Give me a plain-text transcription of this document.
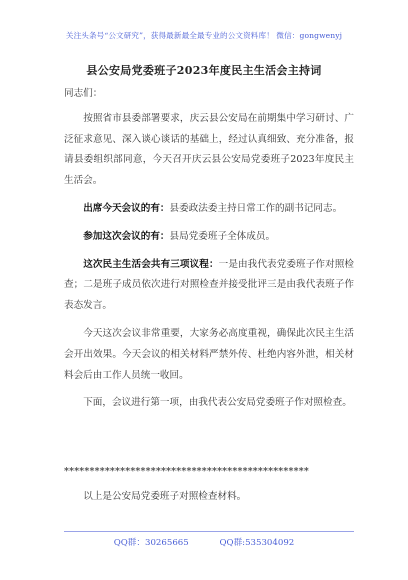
关注头条号“公文研究”，获得最新最全最专业的公文资料库！ 微信：gongwenyj
县公安局党委班子2023年度民主生活会主持词

同志们：

按照省市县委部署要求，庆云县公安局在前期集中学习研讨、广泛征求意见、深入谈心谈话的基础上，经过认真细致、充分准备，报请县委组织部同意，今天召开庆云县公安局党委班子2023年度民主生活会。

出席今天会议的有：县委政法委主持日常工作的副书记同志。

参加这次会议的有：县局党委班子全体成员。

这次民主生活会共有三项议程：一是由我代表党委班子作对照检查；二是班子成员依次进行对照检查并接受批评三是由我代表班子作表态发言。

今天这次会议非常重要，大家务必高度重视，确保此次民主生活会开出效果。今天会议的相关材料严禁外传、杜绝内容外泄，相关材料会后由工作人员统一收回。

下面，会议进行第一项，由我代表公安局党委班子作对照检查。

************************************************
以上是公安局党委班子对照检查材料。
QQ群：30265665	QQ群:535304092
